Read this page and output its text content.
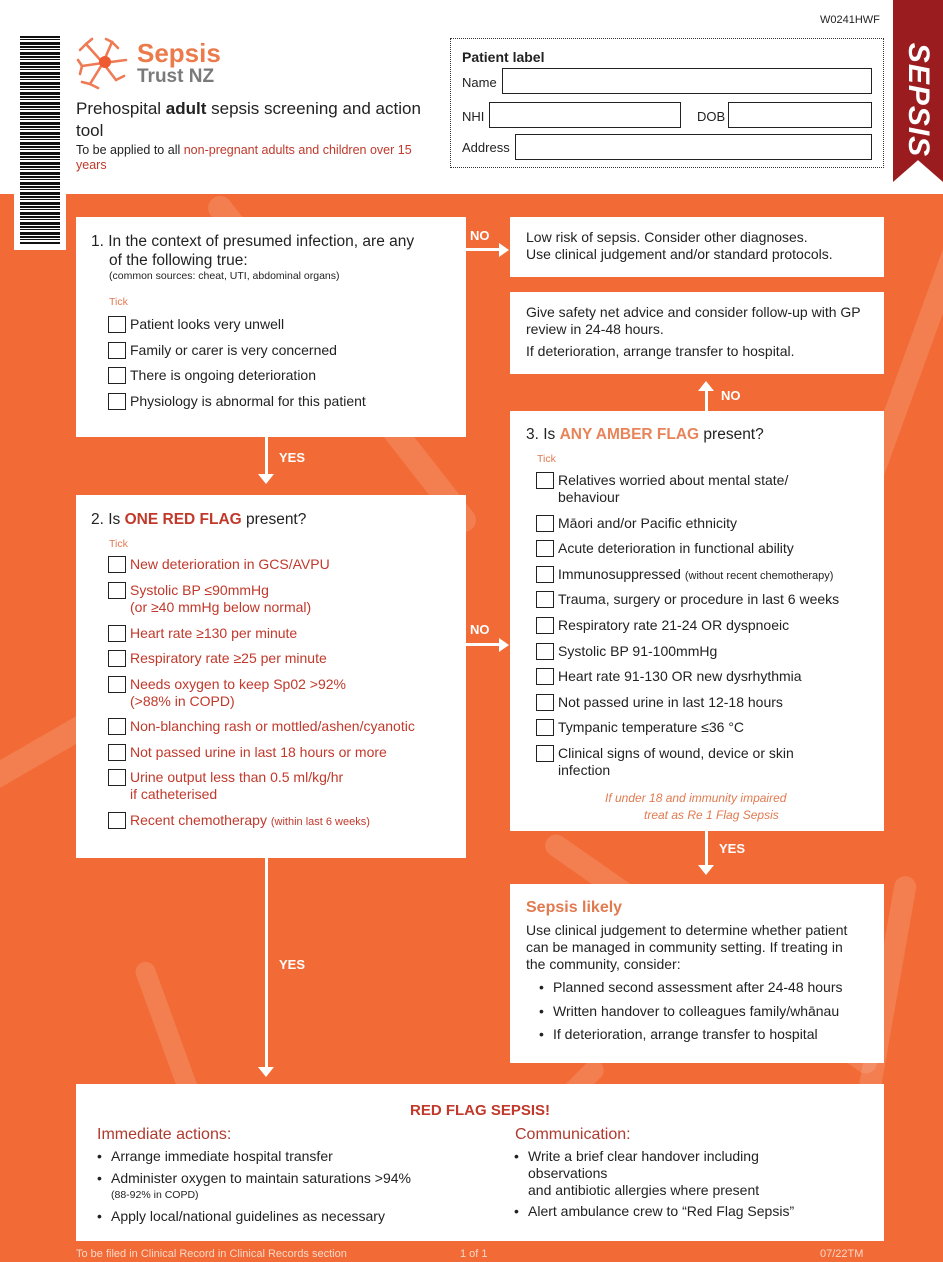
Sepsis
Trust NZ
Prehospital adult sepsis screening and action tool
To be applied to all non-pregnant adults and children over 15 years
W0241HWF
Patient label
Name
NHI	DOB
Address	SEPSIS
1. In the context of presumed infection, are any of the following true:
(common sources: cheat, UTI, abdominal organs)
Tick
Patient looks very unwell
Family or carer is very concerned
There is ongoing deterioration
Physiology is abnormal for this patient
NO	Low risk of sepsis. Consider other diagnoses.
Use clinical judgement and/or standard protocols.
Give safety net advice and consider follow-up with GP review in 24-48 hours.
If deterioration, arrange transfer to hospital.
NO
YES
2. Is ONE RED FLAG present?
Tick
New deterioration in GCS/AVPU
Systolic BP ≤90mmHg
(or ≥40 mmHg below normal)
Heart rate ≥130 per minute
Respiratory rate ≥25 per minute
Needs oxygen to keep Sp02 >92%
(>88% in COPD)
Non-blanching rash or mottled/ashen/cyanotic
Not passed urine in last 18 hours or more
Urine output less than 0.5 ml/kg/hr
if catheterised
Recent chemotherapy (within last 6 weeks)
NO
3. Is ANY AMBER FLAG present?
Tick
Relatives worried about mental state/
behaviour
Māori and/or Pacific ethnicity
Acute deterioration in functional ability
Immunosuppressed (without recent chemotherapy)
Trauma, surgery or procedure in last 6 weeks
Respiratory rate 21-24 OR dyspnoeic
Systolic BP 91-100mmHg
Heart rate 91-130 OR new dysrhythmia
Not passed urine in last 12-18 hours
Tympanic temperature ≤36 °C
Clinical signs of wound, device or skin
infection
If under 18 and immunity impaired
treat as Re 1 Flag Sepsis
YES
Sepsis likely
Use clinical judgement to determine whether patient can be managed in community setting. If treating in the community, consider:
• Planned second assessment after 24-48 hours
• Written handover to colleagues family/whānau
• If deterioration, arrange transfer to hospital
YES
RED FLAG SEPSIS!
Immediate actions:
• Arrange immediate hospital transfer
• Administer oxygen to maintain saturations >94%
(88-92% in COPD)
• Apply local/national guidelines as necessary
Communication:
• Write a brief clear handover including observations
and antibiotic allergies where present
• Alert ambulance crew to “Red Flag Sepsis”
To be filed in Clinical Record in Clinical Records section	1 of 1	07/22TM
